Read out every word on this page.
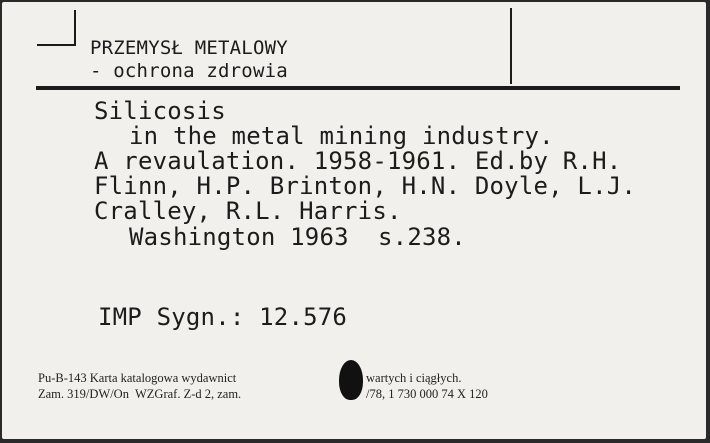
PRZEMYSŁ METALOWY
- ochrona zdrowia
Silicosis
in the metal mining industry.
A revaulation. 1958-1961. Ed.by R.H.
Flinn, H.P. Brinton, H.N. Doyle, L.J.
Cralley, R.L. Harris.
Washington 1963  s.238.
IMP Sygn.: 12.576
Pu-B-143 Karta katalogowa wydawnict	wartych i ciągłych.
Zam. 319/DW/On  WZGraf. Z-d 2, zam.	/78, 1 730 000 74 X 120
